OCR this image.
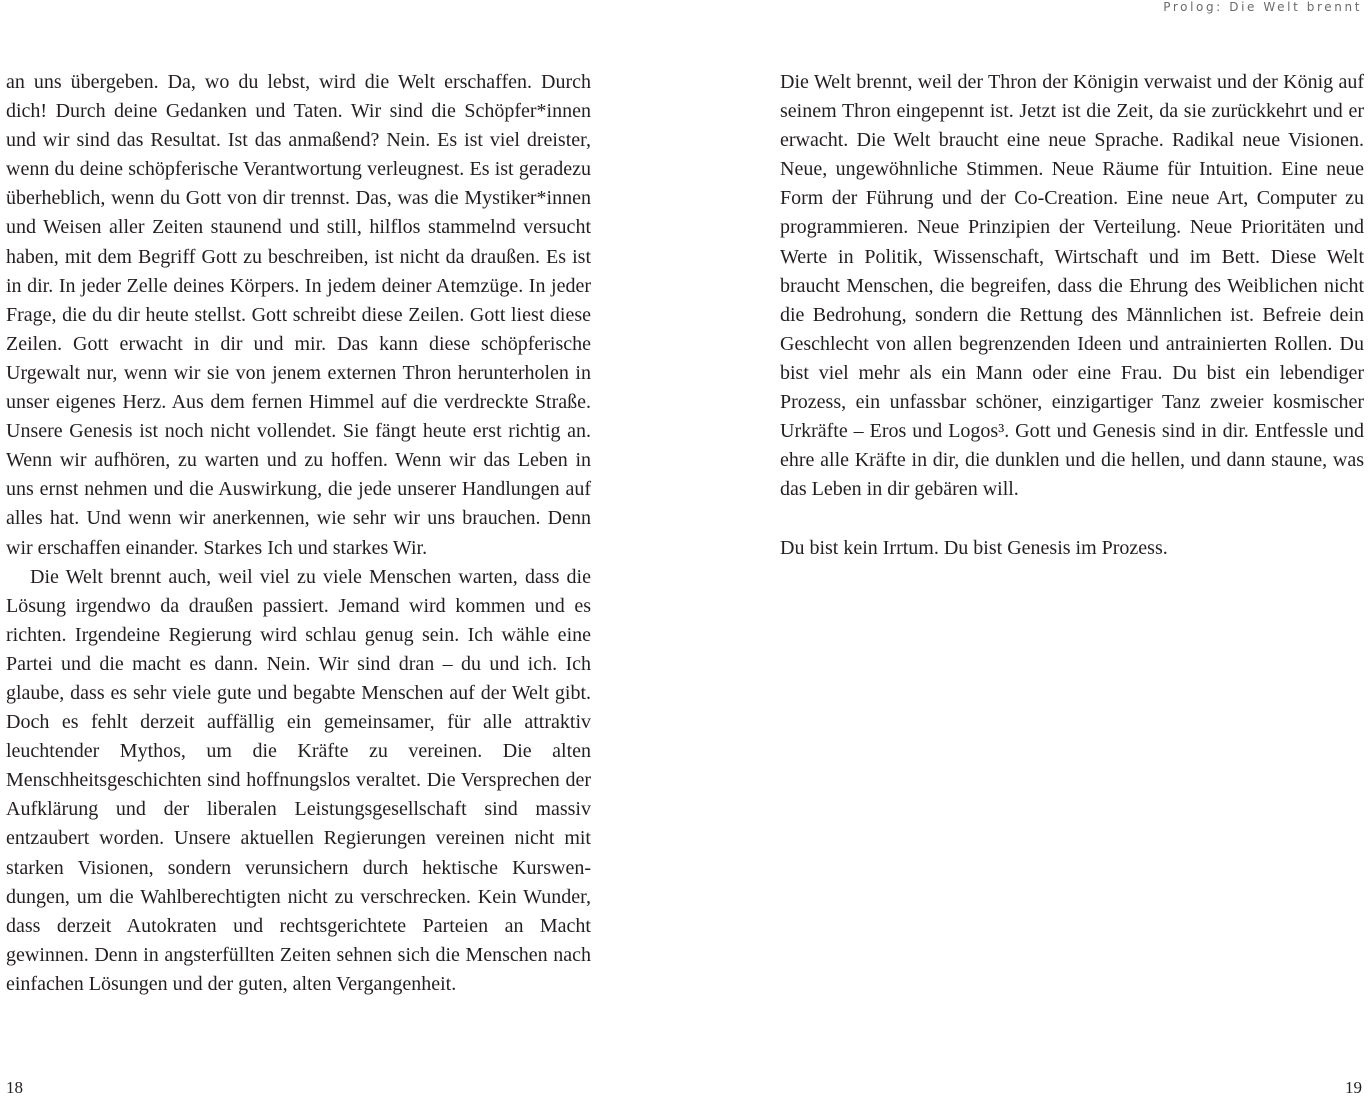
Prolog: Die Welt brennt

an uns übergeben. Da, wo du lebst, wird die Welt erschaffen. Durch dich! Durch deine Gedanken und Taten. Wir sind die Schöpfer*innen und wir sind das Resultat. Ist das anmaßend? Nein. Es ist viel dreister, wenn du deine schöpferische Verantwortung verleugnest. Es ist geradezu überheblich, wenn du Gott von dir trennst. Das, was die Mystiker*innen und Weisen aller Zeiten staunend und still, hilflos stammelnd versucht haben, mit dem Begriff Gott zu beschreiben, ist nicht da draußen. Es ist in dir. In jeder Zelle deines Körpers. In jedem deiner Atemzüge. In jeder Frage, die du dir heute stellst. Gott schreibt diese Zeilen. Gott liest diese Zeilen. Gott erwacht in dir und mir. Das kann diese schöpferische Urgewalt nur, wenn wir sie von jenem externen Thron herunterholen in unser eigenes Herz. Aus dem fernen Himmel auf die verdreckte Straße. Unsere Genesis ist noch nicht vollendet. Sie fängt heute erst richtig an. Wenn wir aufhören, zu warten und zu hoffen. Wenn wir das Leben in uns ernst nehmen und die Auswirkung, die jede unserer Handlungen auf alles hat. Und wenn wir anerkennen, wie sehr wir uns brauchen. Denn wir erschaffen einander. Starkes Ich und starkes Wir.

Die Welt brennt auch, weil viel zu viele Menschen warten, dass die Lösung irgendwo da draußen passiert. Jemand wird kommen und es richten. Irgendeine Regierung wird schlau genug sein. Ich wähle eine Partei und die macht es dann. Nein. Wir sind dran – du und ich. Ich glaube, dass es sehr viele gute und begabte Menschen auf der Welt gibt. Doch es fehlt derzeit auffällig ein gemeinsamer, für alle attraktiv leuchtender Mythos, um die Kräfte zu vereinen. Die alten Menschheitsgeschichten sind hoffnungslos veraltet. Die Versprechen der Aufklärung und der liberalen Leistungsgesellschaft sind massiv entzaubert worden. Unsere aktuellen Regierungen vereinen nicht mit starken Visionen, sondern verunsichern durch hektische Kurswendungen, um die Wahlberechtigten nicht zu verschrecken. Kein Wunder, dass derzeit Autokraten und rechtsgerichtete Parteien an Macht gewinnen. Denn in angsterfüllten Zeiten sehnen sich die Menschen nach einfachen Lösungen und der guten, alten Vergangenheit.

Die Welt brennt, weil der Thron der Königin verwaist und der König auf seinem Thron eingepennt ist. Jetzt ist die Zeit, da sie zurückkehrt und er erwacht. Die Welt braucht eine neue Sprache. Radikal neue Visionen. Neue, ungewöhnliche Stimmen. Neue Räume für Intuition. Eine neue Form der Führung und der Co-Creation. Eine neue Art, Computer zu programmieren. Neue Prinzipien der Verteilung. Neue Prioritäten und Werte in Politik, Wissenschaft, Wirtschaft und im Bett. Diese Welt braucht Menschen, die begreifen, dass die Ehrung des Weiblichen nicht die Bedrohung, sondern die Rettung des Männlichen ist. Befreie dein Geschlecht von allen begrenzenden Ideen und antrainierten Rollen. Du bist viel mehr als ein Mann oder eine Frau. Du bist ein lebendiger Prozess, ein unfassbar schöner, einzigartiger Tanz zweier kosmischer Urkräfte – Eros und Logos³. Gott und Genesis sind in dir. Entfessle und ehre alle Kräfte in dir, die dunklen und die hellen, und dann staune, was das Leben in dir gebären will.

Du bist kein Irrtum. Du bist Genesis im Prozess.

18	19
